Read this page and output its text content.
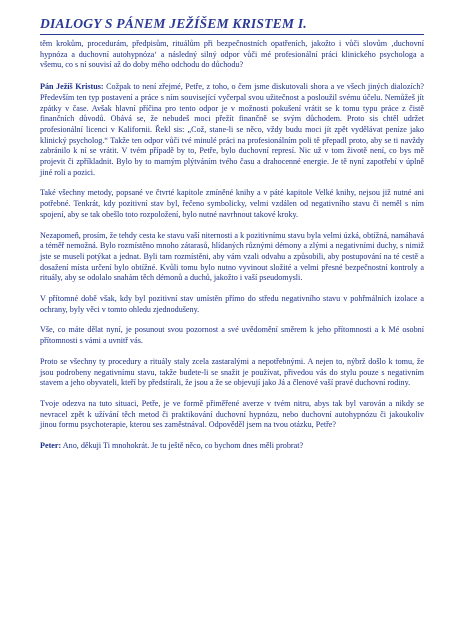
DIALOGY S PÁNEM JEŽÍŠEM KRISTEM I.

těm krokům, procedurám, předpisům, rituálům při bezpečnostních opatřeních, jakožto i vůči slovům ‚duchovní hypnóza a duchovní autohypnóza‘ a následný silný odpor vůči mé profesionální práci klinického psychologa a všemu, co s ní souvisí až do doby mého odchodu do důchodu?

Pán Ježíš Kristus: Cožpak to není zřejmé, Petře, z toho, o čem jsme diskutovali shora a ve všech jiných dialozích? Především ten typ postavení a práce s ním související vyčerpal svou užitečnost a posloužil svému účelu. Nemůžeš jít zpátky v čase. Avšak hlavní příčina pro tento odpor je v možnosti pokušení vrátit se k tomu typu práce z čistě finančních důvodů. Obává se, že nebudeš moci přežít finančně se svým důchodem. Proto sis chtěl udržet profesionální licenci v Kalifornii. Řekl sis: „Což, stane-li se něco, vždy budu moci jít zpět vydělávat peníze jako klinický psycholog.“ Takže ten odpor vůči tvé minulé práci na profesionálním poli tě přepadl proto, aby se ti navždy zabránilo k ní se vrátit. V tvém případě by to, Petře, bylo duchovní represí. Nic už v tom životě není, co bys mě projevit či zpříkladnit. Bylo by to marným plýtváním tvého času a drahocenné energie. Je tě nyní zapotřebí v úplně jiné roli a pozici.

Také všechny metody, popsané ve čtvrté kapitole zmíněné knihy a v páté kapitole Velké knihy, nejsou již nutné ani potřebné. Tenkrát, kdy pozitivní stav byl, řečeno symbolicky, velmi vzdálen od negativního stavu či neměl s ním spojení, aby se tak obešlo toto rozpoložení, bylo nutné navrhnout takové kroky.

Nezapomeň, prosím, že tehdy cesta ke stavu vaší niternosti a k pozitivnímu stavu byla velmi úzká, obtížná, namáhavá a téměř nemožná. Bylo rozmístěno mnoho zátarasů, hlídaných různými démony a zlými a negativními duchy, s nimiž jste se museli potýkat a jednat. Byli tam rozmístěni, aby vám vzali odvahu a způsobili, aby postupování na té cestě a dosažení místa určení bylo obtížné. Kvůli tomu bylo nutno vyvinout složité a velmi přesné bezpečnostní kontroly a rituály, aby se odolalo snahám těch démonů a duchů, jakožto i vaší pseudomysli.

V přítomné době však, kdy byl pozitivní stav umístěn přímo do středu negativního stavu v pohřmálních izolace a ochrany, byly věci v tomto ohledu zjednodušeny.

Vše, co máte dělat nyní, je posunout svou pozornost a své uvědomění směrem k jeho přítomnosti a k Mé osobní přítomnosti s vámi a uvnitř vás.

Proto se všechny ty procedury a rituály staly zcela zastaralými a nepotřebnými. A nejen to, nýbrž došlo k tomu, že jsou podrobeny negativnímu stavu, takže budete-li se snažit je používat, přivedou vás do stylu pouze s negativním stavem a jeho obyvateli, kteří by předstírali, že jsou a že se objevují jako Já a členové vaší pravé duchovní rodiny.

Tvoje odezva na tuto situaci, Petře, je ve formě přiměřené averze v tvém nitru, abys tak byl varován a nikdy se nevracel zpět k užívání těch metod či praktikování duchovní hypnózu, nebo duchovní autohypnózu či jakoukoliv jinou formu psychoterapie, kterou ses zaměstnával. Odpověděl jsem na tvou otázku, Petře?

Peter: Ano, děkuji Ti mnohokrát. Je tu ještě něco, co bychom dnes měli probrat?
